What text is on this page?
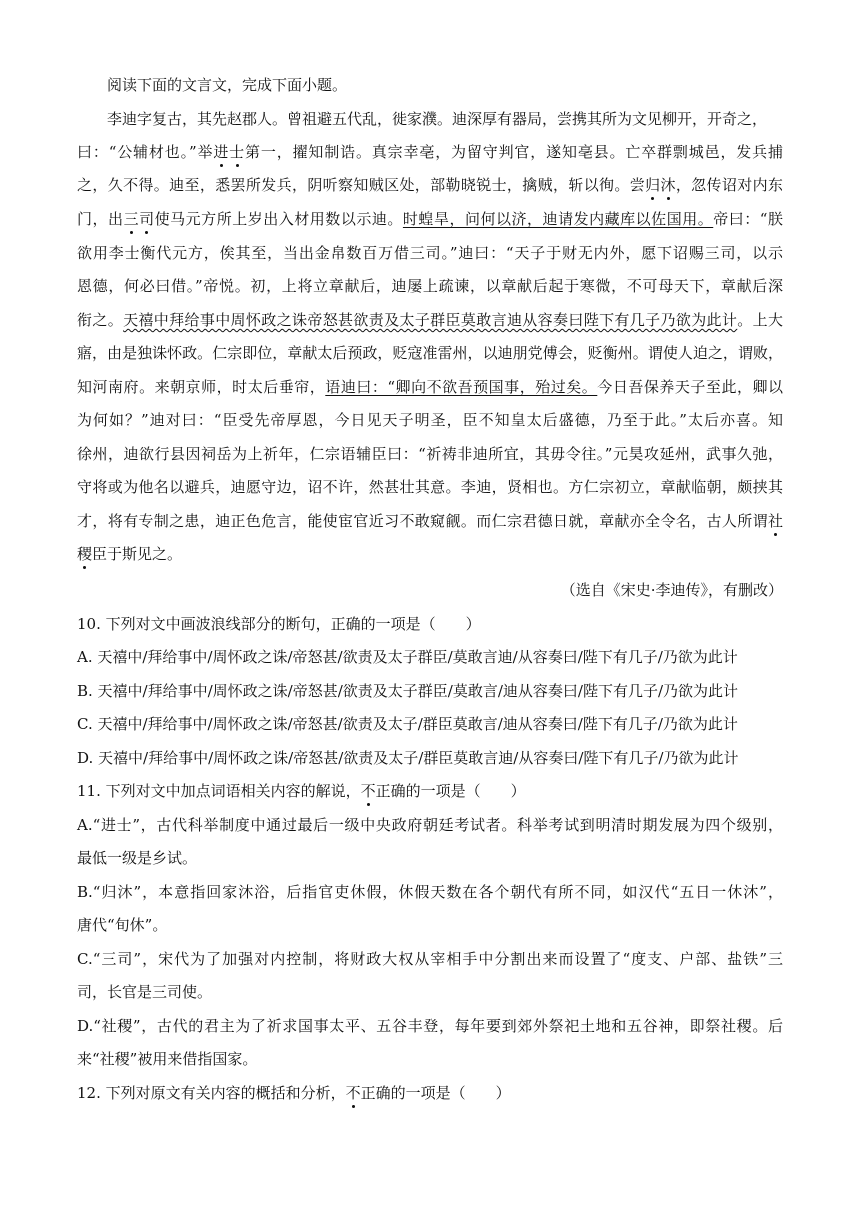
阅读下面的文言文，完成下面小题。
李迪字复古，其先赵郡人。曾祖避五代乱，徙家濮。迪深厚有器局，尝携其所为文见柳开，开奇之，
曰：“公辅材也。”举进士第一，擢知制诰。真宗幸亳，为留守判官，遂知亳县。亡卒群剽城邑，发兵捕
之，久不得。迪至，悉罢所发兵，阴听察知贼区处，部勒晓锐士，擒贼，斩以徇。尝归沐，忽传诏对内东
门，出三司使马元方所上岁出入材用数以示迪。时蝗旱，问何以济，迪请发内藏库以佐国用。帝曰：“朕
欲用李士衡代元方，俟其至，当出金帛数百万借三司。”迪曰：“天子于财无内外，愿下诏赐三司，以示
恩德，何必曰借。”帝悦。初，上将立章献后，迪屡上疏谏，以章献后起于寒微，不可母天下，章献后深
衔之。天禧中拜给事中周怀政之诛帝怒甚欲责及太子群臣莫敢言迪从容奏曰陛下有几子乃欲为此计。上大
寤，由是独诛怀政。仁宗即位，章献太后预政，贬寇准雷州，以迪朋党傅会，贬衡州。谓使人迫之，谓败，
知河南府。来朝京师，时太后垂帘，语迪曰：“卿向不欲吾预国事，殆过矣。今日吾保养天子至此，卿以
为何如？”迪对曰：“臣受先帝厚恩，今日见天子明圣，臣不知皇太后盛德，乃至于此。”太后亦喜。知
徐州，迪欲行县因祠岳为上祈年，仁宗语辅臣曰：“祈祷非迪所宜，其毋令往。”元昊攻延州，武事久弛，
守将或为他名以避兵，迪愿守边，诏不许，然甚壮其意。李迪，贤相也。方仁宗初立，章献临朝，颇挟其
才，将有专制之患，迪正色危言，能使宦官近习不敢窥觎。而仁宗君德日就，章献亦全令名，古人所谓社
稷臣于斯见之。
（选自《宋史·李迪传》，有删改）
10. 下列对文中画波浪线部分的断句，正确的一项是（　　）
A. 天禧中/拜给事中/周怀政之诛/帝怒甚/欲责及太子群臣/莫敢言迪/从容奏曰/陛下有几子/乃欲为此计
B. 天禧中/拜给事中/周怀政之诛/帝怒甚/欲责及太子群臣/莫敢言/迪从容奏曰/陛下有几子/乃欲为此计
C. 天禧中/拜给事中/周怀政之诛/帝怒甚/欲责及太子/群臣莫敢言/迪从容奏曰/陛下有几子/乃欲为此计
D. 天禧中/拜给事中/周怀政之诛/帝怒甚/欲责及太子/群臣莫敢言迪/从容奏曰/陛下有几子/乃欲为此计
11. 下列对文中加点词语相关内容的解说，不正确的一项是（　　）
A.“进士”，古代科举制度中通过最后一级中央政府朝廷考试者。科举考试到明清时期发展为四个级别，
最低一级是乡试。
B.“归沐”，本意指回家沐浴，后指官吏休假，休假天数在各个朝代有所不同，如汉代“五日一休沐”，
唐代“旬休”。
C.“三司”，宋代为了加强对内控制，将财政大权从宰相手中分割出来而设置了“度支、户部、盐铁”三
司，长官是三司使。
D.“社稷”，古代的君主为了祈求国事太平、五谷丰登，每年要到郊外祭祀土地和五谷神，即祭社稷。后
来“社稷”被用来借指国家。
12. 下列对原文有关内容的概括和分析，不正确的一项是（　　）
